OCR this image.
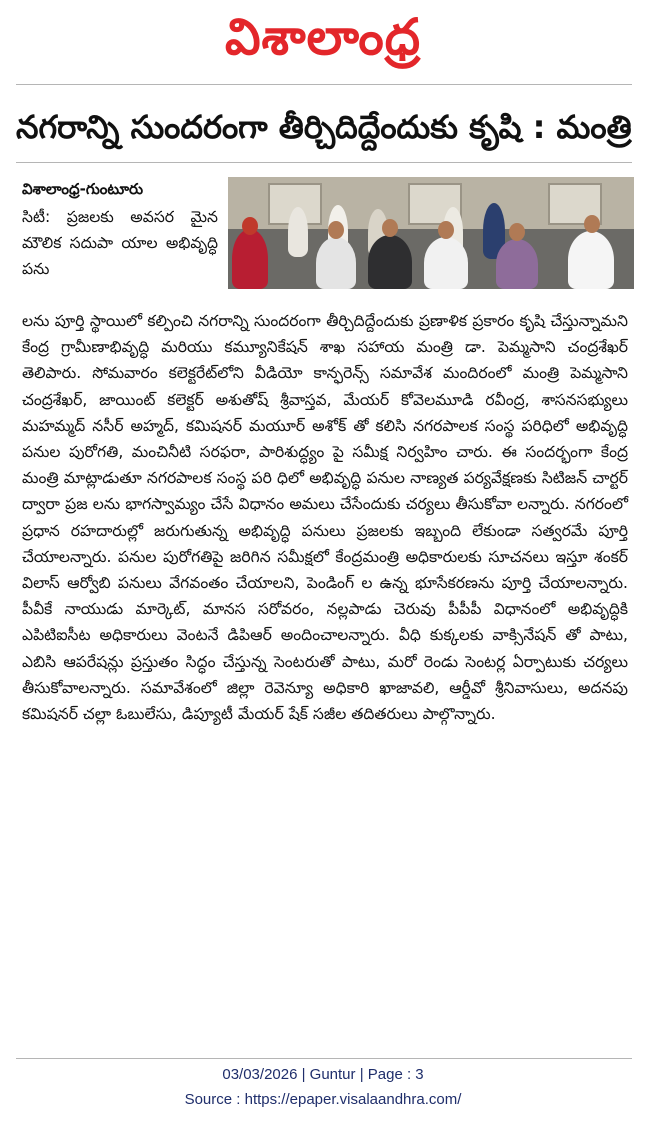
విశాలాంధ్ర
నగరాన్ని సుందరంగా తీర్చిదిద్దేందుకు కృషి : మంత్రి
విశాలాంధ్ర-గుంటూరు

సిటీ: ప్రజలకు అవసర మైన మౌలిక సదుపా యాల అభివృద్ధి పను

లను పూర్తి స్థాయిలో కల్పించి నగరాన్ని సుందరంగా తీర్చిదిద్దేందుకు ప్రణాళిక ప్రకారం కృషి చేస్తున్నామని కేంద్ర గ్రామీణాభివృద్ధి మరియు కమ్యూనికేషన్ శాఖ సహాయ మంత్రి డా. పెమ్మసాని చంద్రశేఖర్ తెలిపారు. సోమవారం కలెక్టరేట్‌లోని వీడియో కాన్ఫరెన్స్ సమావేశ మందిరంలో మంత్రి పెమ్మసాని చంద్రశేఖర్, జాయింట్ కలెక్టర్ అశుతోష్ శ్రీవాస్తవ, మేయర్ కోవెలమూడి రవీంద్ర, శాసనసభ్యులు మహమ్మద్ నసీర్ అహ్మద్, కమిషనర్ మయూర్ అశోక్ తో కలిసి నగరపాలక సంస్థ పరిధిలో అభివృద్ధి పనుల పురోగతి, మంచినీటి సరఫరా, పారిశుద్ధ్యం పై సమీక్ష నిర్వహిం చారు. ఈ సందర్భంగా కేంద్ర మంత్రి మాట్లాడుతూ నగరపాలక సంస్థ పరి ధిలో అభివృద్ధి పనుల నాణ్యత పర్యవేక్షణకు సిటిజన్ చార్టర్ ద్వారా ప్రజ లను భాగస్వామ్యం చేసే విధానం అమలు చేసేందుకు చర్యలు తీసుకోవా లన్నారు. నగరంలో ప్రధాన రహదారుల్లో జరుగుతున్న అభివృద్ధి పనులు ప్రజలకు ఇబ్బంది లేకుండా సత్వరమే పూర్తి చేయాలన్నారు. పనుల పురోగతిపై జరిగిన సమీక్షలో కేంద్రమంత్రి అధికారులకు సూచనలు ఇస్తూ శంకర్ విలాస్ ఆర్వోబి పనులు వేగవంతం చేయాలని, పెండింగ్ ల ఉన్న భూసేకరణను పూర్తి చేయాలన్నారు. పీవీకే నాయుడు మార్కెట్, మానస సరోవరం, నల్లపాడు చెరువు పీపీపీ విధానంలో అభివృద్ధికి ఎపిటిఐసీట అధికారులు వెంటనే డిపిఆర్ అందించాలన్నారు. వీధి కుక్కలకు వాక్సినేషన్ తో పాటు, ఎబిసి ఆపరేషన్లు ప్రస్తుతం సిద్ధం చేస్తున్న సెంటరుతో పాటు, మరో రెండు సెంటర్ల ఏర్పాటుకు చర్యలు తీసుకోవాలన్నారు. సమావేశంలో జిల్లా రెవెన్యూ అధికారి ఖాజావలి, ఆర్డీవో శ్రీనివాసులు, అదనపు కమిషనర్ చల్లా ఓబులేసు, డిప్యూటీ మేయర్ షేక్ సజీల తదితరులు పాల్గొన్నారు.

03/03/2026 | Guntur | Page : 3
Source : https://epaper.visalaandhra.com/
